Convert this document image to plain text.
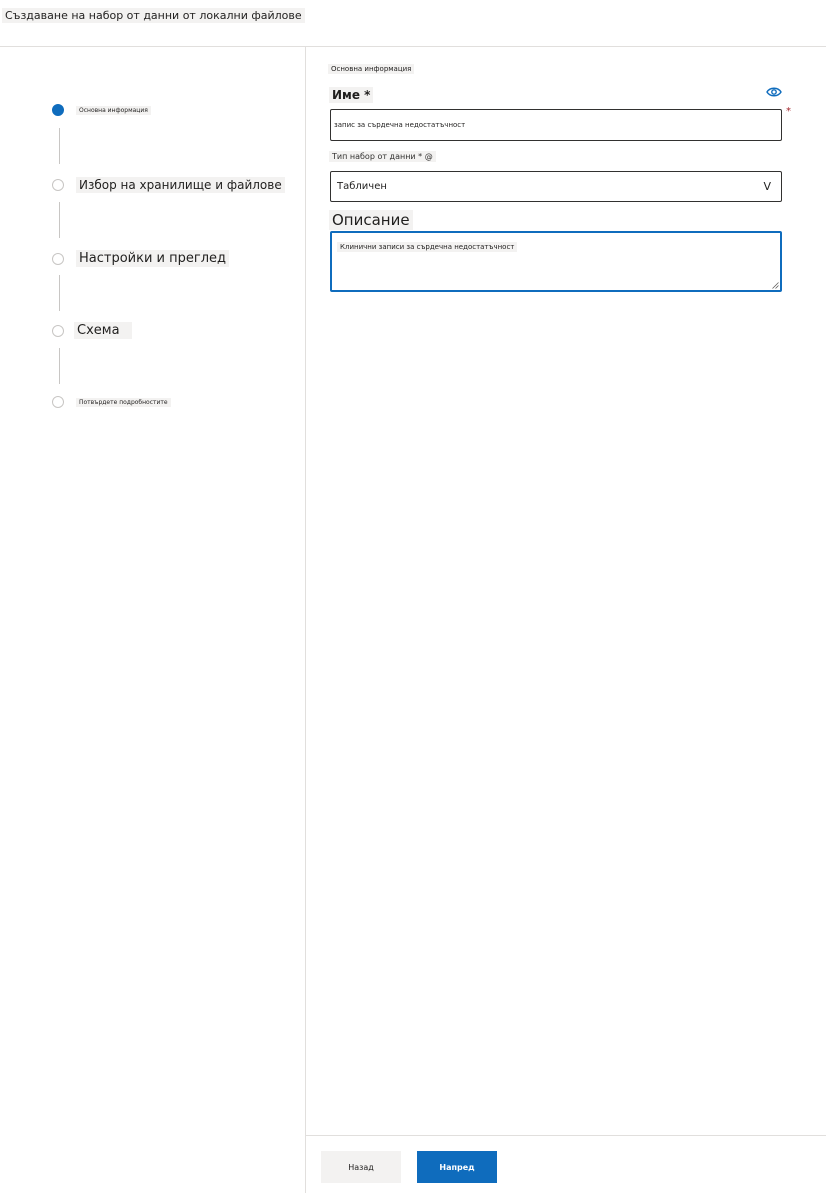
Създаване на набор от данни от локални файлове
Основна информация
Избор на хранилище и файлове
Настройки и преглед
Схема
Потвърдете подробностите
Основна информация
Име *
запис за сърдечна недостатъчност
*
Тип набор от данни * @
Табличен	V
Описание
Клинични записи за сърдечна недостатъчност
Назад	Напред
